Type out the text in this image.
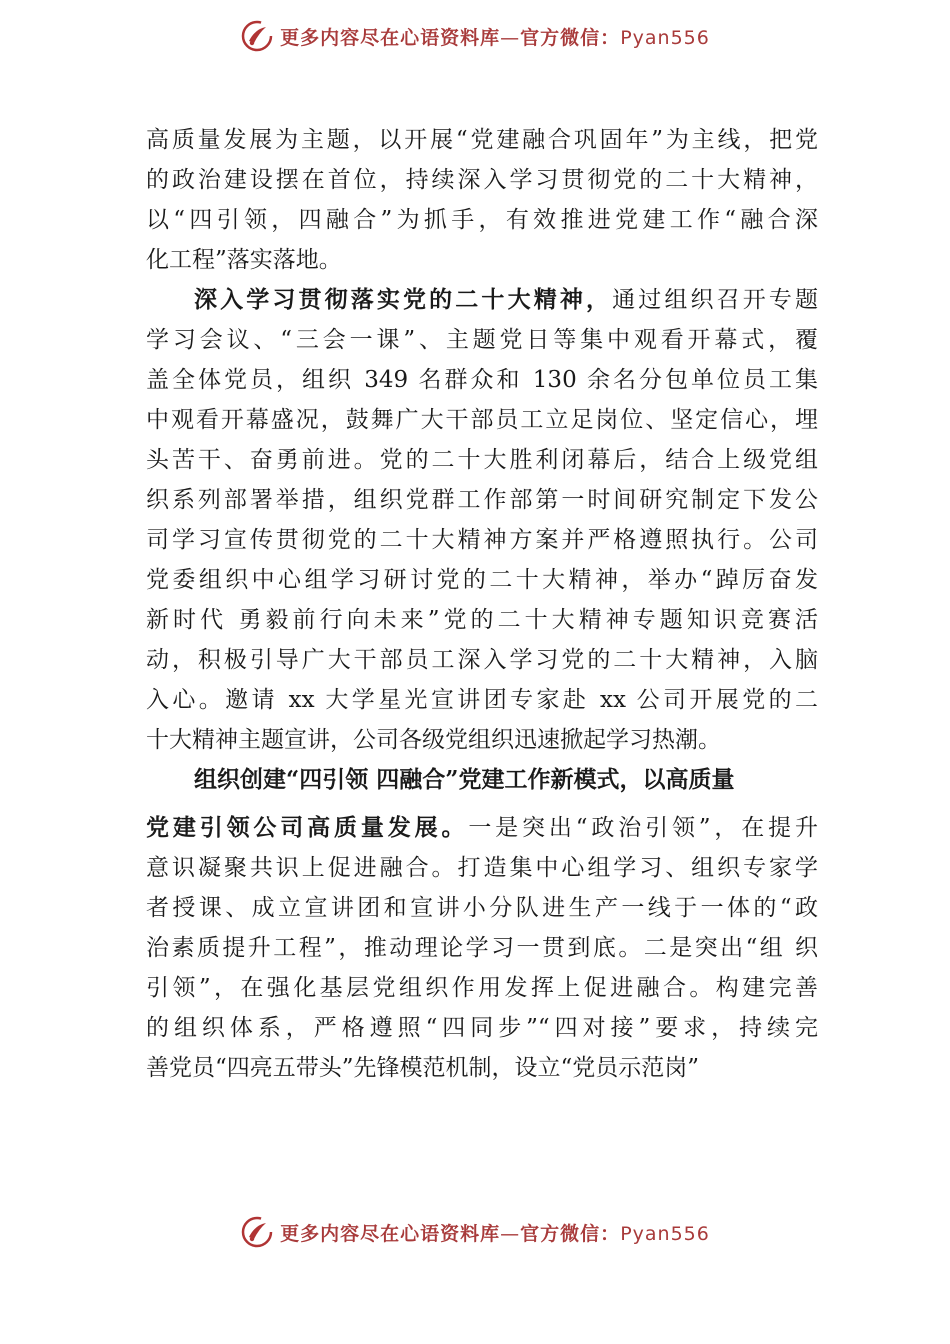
更多内容尽在心语资料库—官方微信：Pyan556
高质量发展为主题，以开展“党建融合巩固年”为主线，把党
的政治建设摆在首位，持续深入学习贯彻党的二十大精神，
以“四引领，四融合”为抓手，有效推进党建工作“融合深
化工程”落实落地。
深入学习贯彻落实党的二十大精神，通过组织召开专题
学习会议、“三会一课”、主题党日等集中观看开幕式，覆
盖全体党员，组织 349 名群众和 130 余名分包单位员工集
中观看开幕盛况，鼓舞广大干部员工立足岗位、坚定信心，埋
头苦干、奋勇前进。党的二十大胜利闭幕后，结合上级党组
织系列部署举措，组织党群工作部第一时间研究制定下发公
司学习宣传贯彻党的二十大精神方案并严格遵照执行。公司
党委组织中心组学习研讨党的二十大精神，举办“踔厉奋发
新时代 勇毅前行向未来”党的二十大精神专题知识竞赛活
动，积极引导广大干部员工深入学习党的二十大精神，入脑
入心。邀请 xx 大学星光宣讲团专家赴 xx 公司开展党的二
十大精神主题宣讲，公司各级党组织迅速掀起学习热潮。
组织创建“四引领 四融合”党建工作新模式，以高质量
党建引领公司高质量发展。一是突出“政治引领”，在提升
意识凝聚共识上促进融合。打造集中心组学习、组织专家学
者授课、成立宣讲团和宣讲小分队进生产一线于一体的“政
治素质提升工程”，推动理论学习一贯到底。二是突出“组 织
引领”，在强化基层党组织作用发挥上促进融合。构建完善
的组织体系，严格遵照“四同步”“四对接”要求，持续完
善党员“四亮五带头”先锋模范机制，设立“党员示范岗”
更多内容尽在心语资料库—官方微信：Pyan556
